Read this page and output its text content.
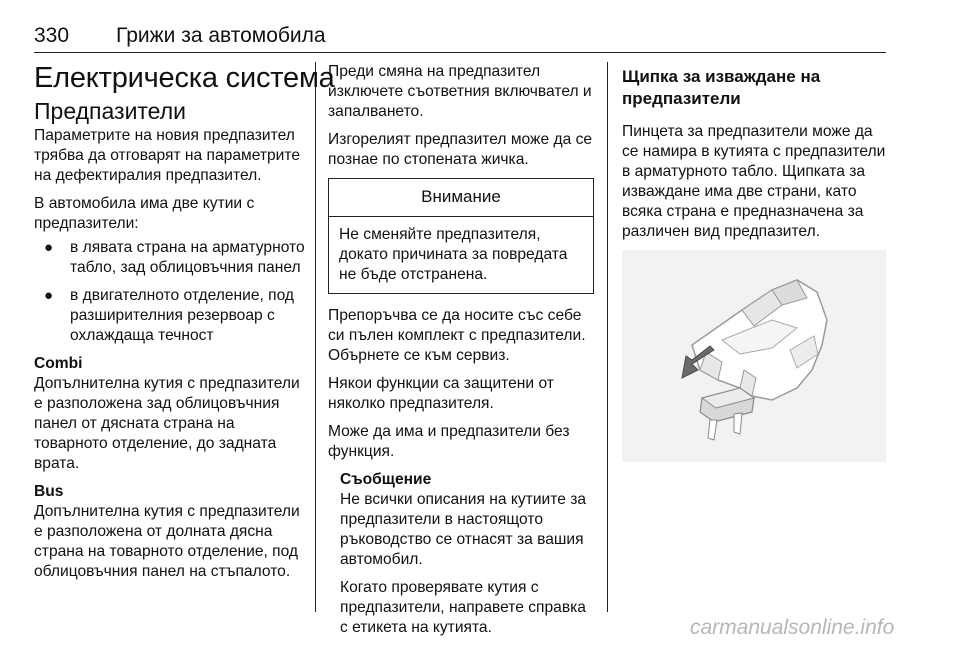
330 Грижи за автомобила
Електрическа система
Предпазители

Параметрите на новия предпазител трябва да отговарят на параметрите на дефектиралия предпазител.

В автомобила има две кутии с предпазители:

● в лявата страна на арматурното табло, зад облицовъчния панел
● в двигателното отделение, под разширителния резервоар с охлаждаща течност

Combi

Допълнителна кутия с предпазители е разположена зад облицовъчния панел от дясната страна на товарното отделение, до задната врата.

Bus

Допълнителна кутия с предпазители е разположена от долната дясна страна на товарното отделение, под облицовъчния панел на стъпалото.

Преди смяна на предпазител изключете съответния включвател и запалването.

Изгорелият предпазител може да се познае по стопената жичка.

Внимание
Не сменяйте предпазителя, докато причината за повредата не бъде отстранена.

Препоръчва се да носите със себе си пълен комплект с предпазители. Обърнете се към сервиз.

Някои функции са защитени от няколко предпазителя.

Може да има и предпазители без функция.

Съобщение

Не всички описания на кутиите за предпазители в настоящото ръководство се отнасят за вашия автомобил.

Когато проверявате кутия с предпазители, направете справка с етикета на кутията.

Щипка за изваждане на предпазители

Пинцета за предпазители може да се намира в кутията с предпазители в арматурното табло. Щипката за изваждане има две страни, като всяка страна е предназначена за различен вид предпазител.

carmanualsonline.info
